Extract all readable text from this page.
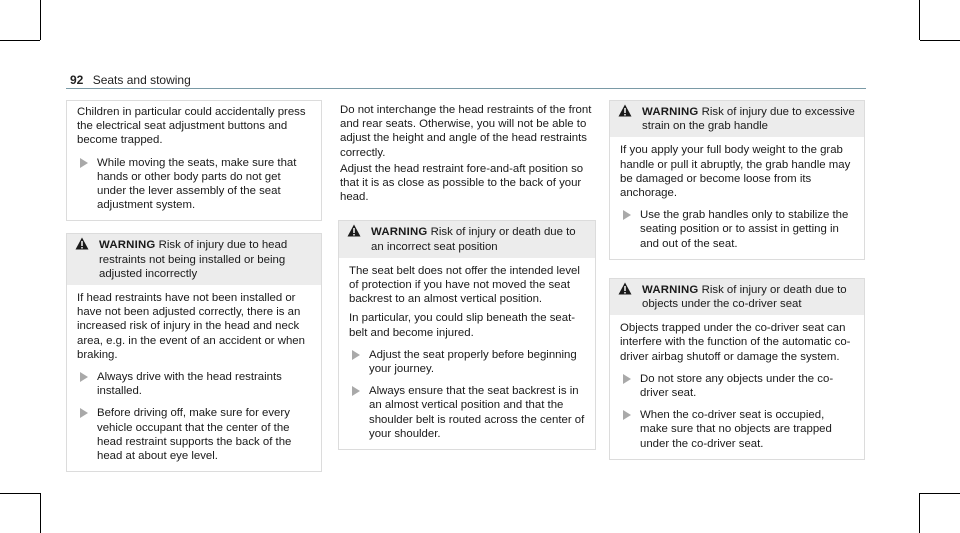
92 Seats and stowing

Children in particular could accidentally press the electrical seat adjustment buttons and become trapped.

While moving the seats, make sure that hands or other body parts do not get under the lever assembly of the seat adjustment system.

WARNING Risk of injury due to head restraints not being installed or being adjusted incorrectly

If head restraints have not been installed or have not been adjusted correctly, there is an increased risk of injury in the head and neck area, e.g. in the event of an accident or when braking.

Always drive with the head restraints installed.

Before driving off, make sure for every vehicle occupant that the center of the head restraint supports the back of the head at about eye level.

Do not interchange the head restraints of the front and rear seats. Otherwise, you will not be able to adjust the height and angle of the head restraints correctly.

Adjust the head restraint fore-and-aft position so that it is as close as possible to the back of your head.

WARNING Risk of injury or death due to an incorrect seat position

The seat belt does not offer the intended level of protection if you have not moved the seat backrest to an almost vertical position.

In particular, you could slip beneath the seat-belt and become injured.

Adjust the seat properly before beginning your journey.

Always ensure that the seat backrest is in an almost vertical position and that the shoulder belt is routed across the center of your shoulder.

WARNING Risk of injury due to excessive strain on the grab handle

If you apply your full body weight to the grab handle or pull it abruptly, the grab handle may be damaged or become loose from its anchorage.

Use the grab handles only to stabilize the seating position or to assist in getting in and out of the seat.

WARNING Risk of injury or death due to objects under the co-driver seat

Objects trapped under the co-driver seat can interfere with the function of the automatic co-driver airbag shutoff or damage the system.

Do not store any objects under the co-driver seat.

When the co-driver seat is occupied, make sure that no objects are trapped under the co-driver seat.
